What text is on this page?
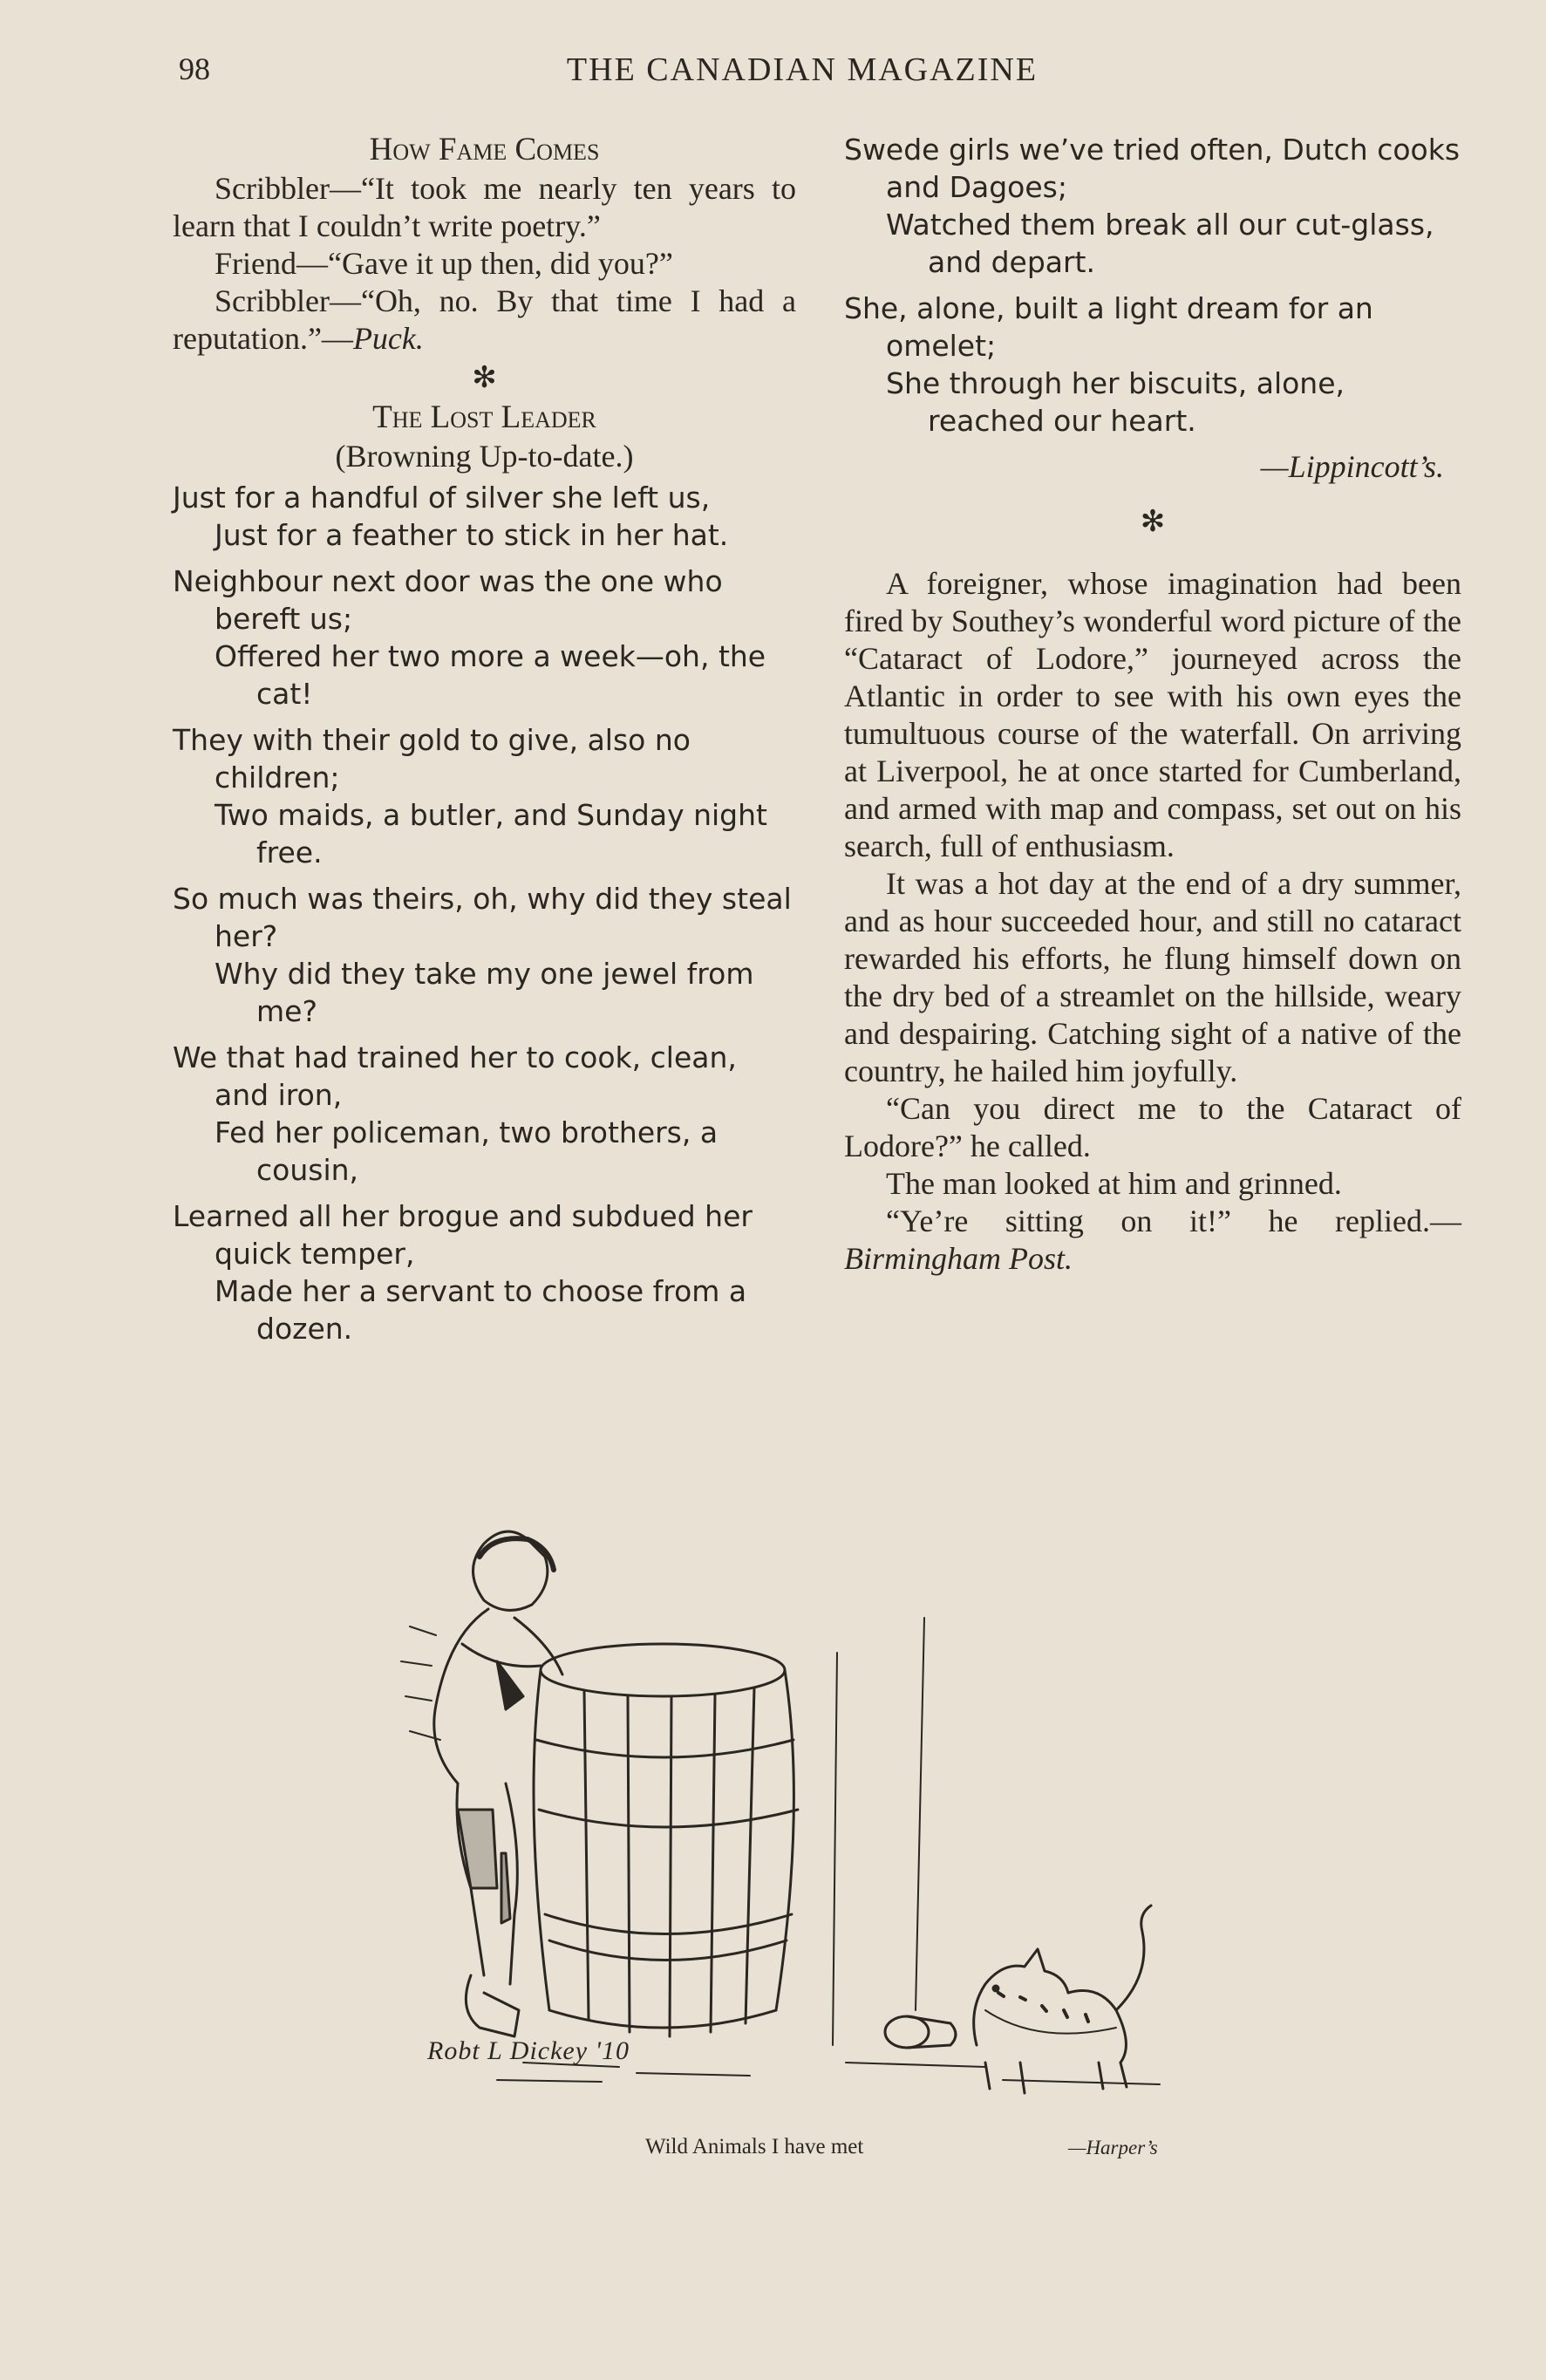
98	THE CANADIAN MAGAZINE
How Fame Comes

Scribbler—“It took me nearly ten years to learn that I couldn’t write poetry.”

Friend—“Gave it up then, did you?”

Scribbler—“Oh, no. By that time I had a reputation.”—Puck.

✻
The Lost Leader
(Browning Up-to-date.)
Just for a handful of silver she left us,
Just for a feather to stick in her hat.
Neighbour next door was the one who bereft us;
Offered her two more a week—oh, the cat!
They with their gold to give, also no children;
Two maids, a butler, and Sunday night free.
So much was theirs, oh, why did they steal her?
Why did they take my one jewel from me?
We that had trained her to cook, clean, and iron,
Fed her policeman, two brothers, a cousin,
Learned all her brogue and subdued her quick temper,
Made her a servant to choose from a dozen.
Swede girls we’ve tried often, Dutch cooks and Dagoes;
Watched them break all our cut-glass, and depart.
She, alone, built a light dream for an omelet;
She through her biscuits, alone, reached our heart.
—Lippincott’s.
✻

A foreigner, whose imagination had been fired by Southey’s wonderful word picture of the “Cataract of Lodore,” journeyed across the Atlantic in order to see with his own eyes the tumultuous course of the waterfall. On arriving at Liverpool, he at once started for Cumberland, and armed with map and compass, set out on his search, full of enthusiasm.

It was a hot day at the end of a dry summer, and as hour succeeded hour, and still no cataract rewarded his efforts, he flung himself down on the dry bed of a streamlet on the hillside, weary and despairing. Catching sight of a native of the country, he hailed him joyfully.

“Can you direct me to the Cataract of Lodore?” he called.

The man looked at him and grinned.

“Ye’re sitting on it!” he replied.—Birmingham Post.

Robt L Dickey '10
Wild Animals I have met	—Harper’s
